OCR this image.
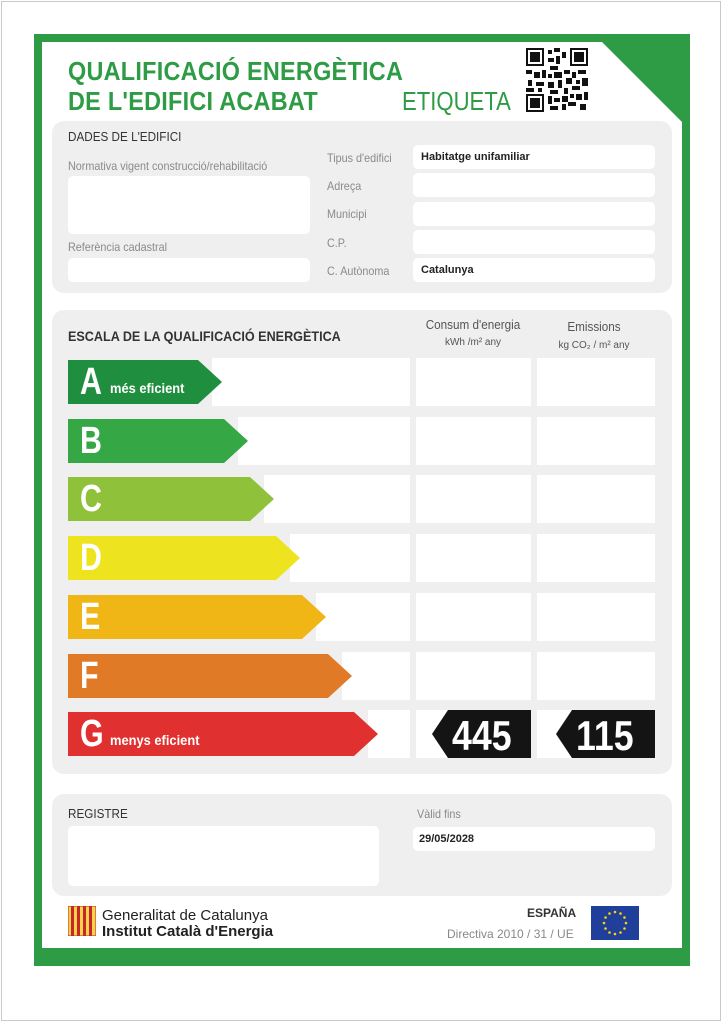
QUALIFICACIÓ ENERGÈTICA
DE L'EDIFICI ACABAT	ETIQUETA
DADES DE L'EDIFICI
Normativa vigent construcció/rehabilitació
Referència cadastral
Tipus d'edifici	Habitatge unifamiliar
Adreça
Municipi
C.P.
C. Autònoma	Catalunya
ESCALA DE LA QUALIFICACIÓ ENERGÈTICA
Consum d'energia
kWh /m² any
Emissions
kg CO₂ / m² any
A més eficient
B
C
D
E
F
G menys eficient	445 115
REGISTRE	Vàlid fins
29/05/2028
Generalitat de Catalunya
Institut Català d'Energia
ESPAÑA
Directiva 2010 / 31 / UE
